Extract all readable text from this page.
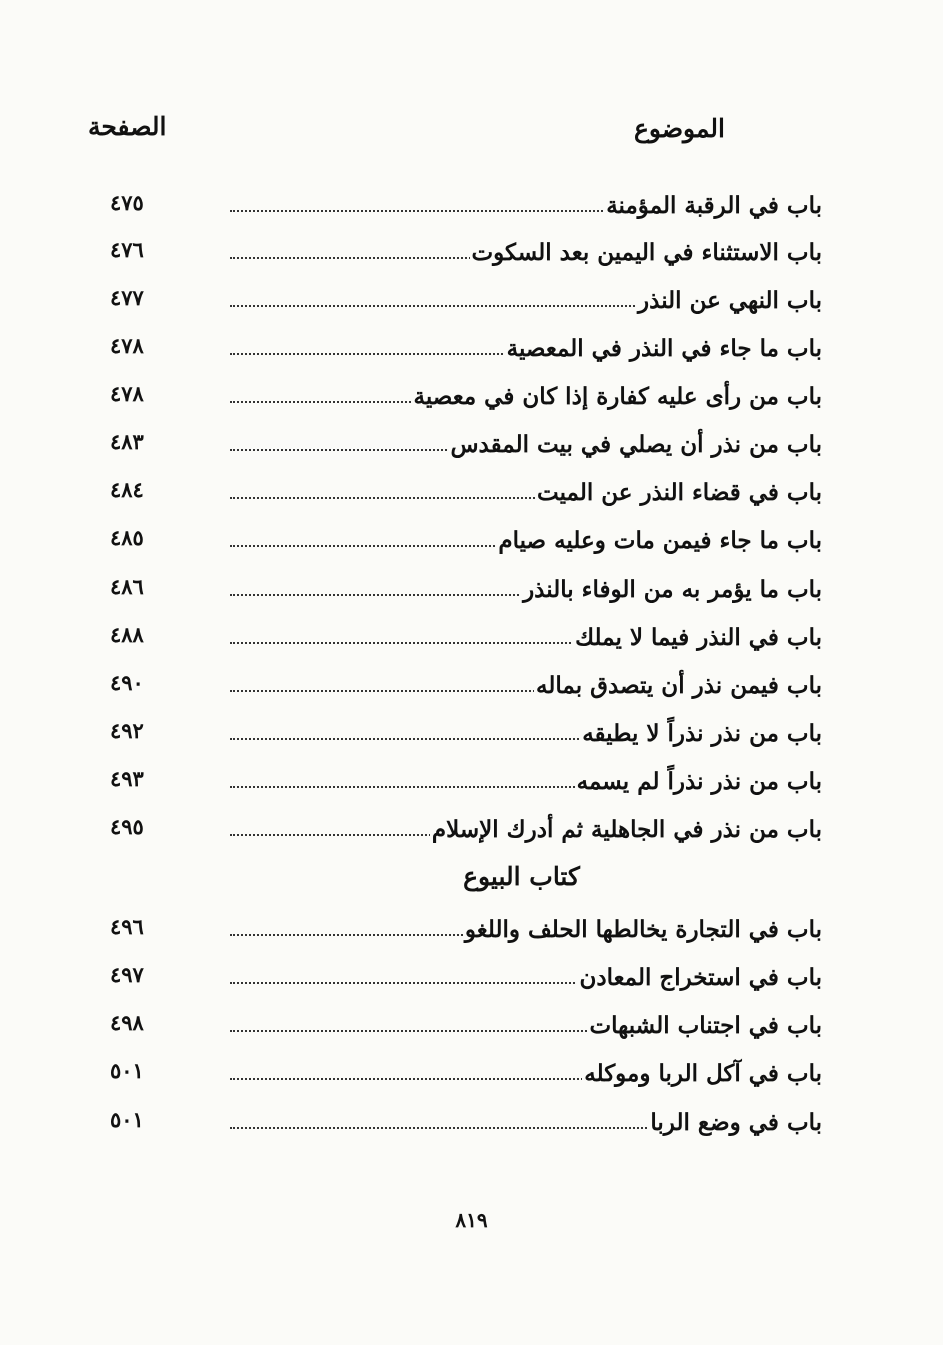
الموضوع
الصفحة
باب في الرقبة المؤمنة
٤٧٥
باب الاستثناء في اليمين بعد السكوت
٤٧٦
باب النهي عن النذر
٤٧٧
باب ما جاء في النذر في المعصية
٤٧٨
باب من رأى عليه كفارة إذا كان في معصية
٤٧٨
باب من نذر أن يصلي في بيت المقدس
٤٨٣
باب في قضاء النذر عن الميت
٤٨٤
باب ما جاء فيمن مات وعليه صيام
٤٨٥
باب ما يؤمر به من الوفاء بالنذر
٤٨٦
باب في النذر فيما لا يملك
٤٨٨
باب فيمن نذر أن يتصدق بماله
٤٩٠
باب من نذر نذراً لا يطيقه
٤٩٢
باب من نذر نذراً لم يسمه
٤٩٣
باب من نذر في الجاهلية ثم أدرك الإسلام
٤٩٥
كتاب البيوع
باب في التجارة يخالطها الحلف واللغو
٤٩٦
باب في استخراج المعادن
٤٩٧
باب في اجتناب الشبهات
٤٩٨
باب في آكل الربا وموكله
٥٠١
باب في وضع الربا
٥٠١
٨١٩
